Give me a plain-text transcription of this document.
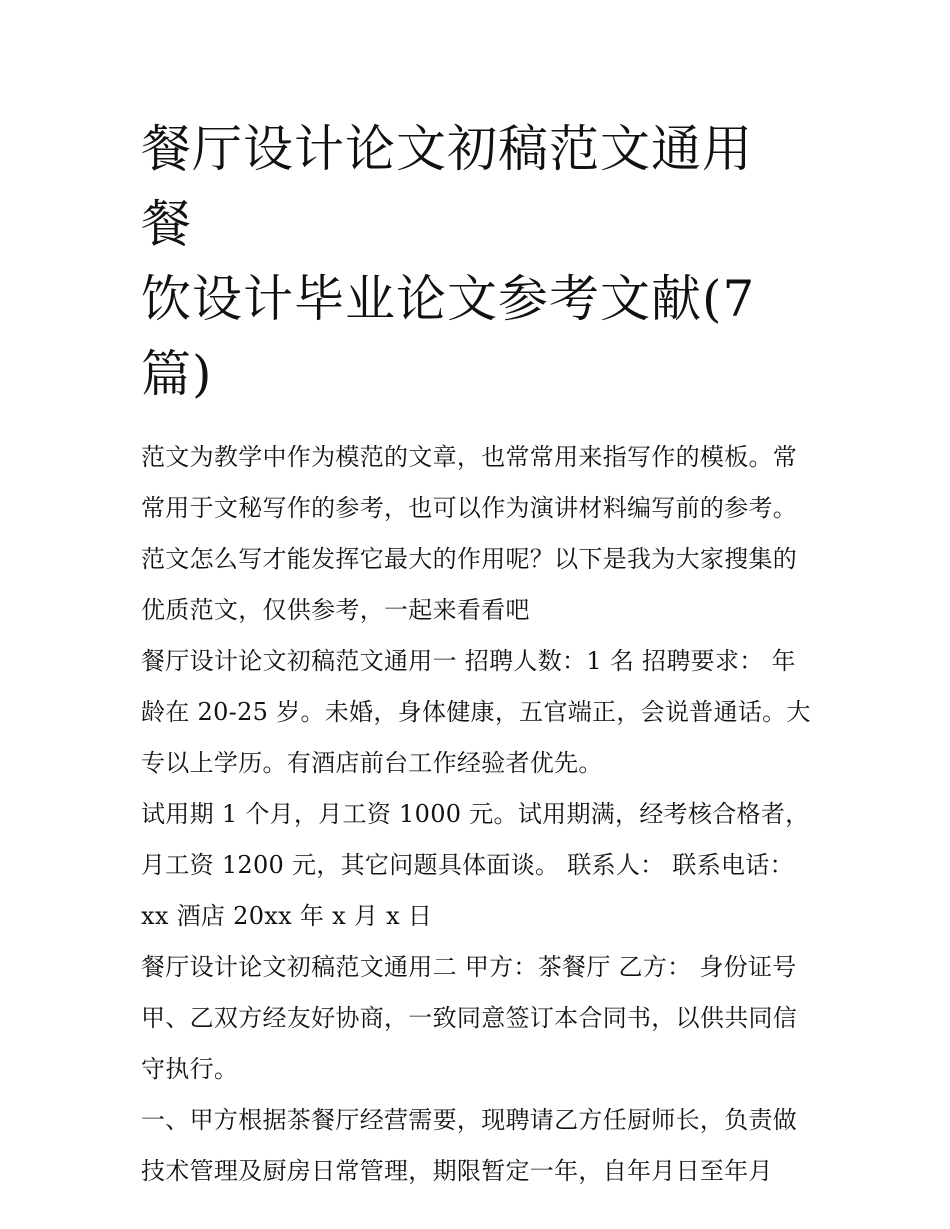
餐厅设计论文初稿范文通用 餐
饮设计毕业论文参考文献(7
篇)

范文为教学中作为模范的文章，也常常用来指写作的模板。常
常用于文秘写作的参考，也可以作为演讲材料编写前的参考。
范文怎么写才能发挥它最大的作用呢？以下是我为大家搜集的
优质范文，仅供参考，一起来看看吧

餐厅设计论文初稿范文通用一 招聘人数：1 名 招聘要求： 年
龄在 20-25 岁。未婚，身体健康，五官端正，会说普通话。大
专以上学历。有酒店前台工作经验者优先。

试用期 1 个月，月工资 1000 元。试用期满，经考核合格者，
月工资 1200 元，其它问题具体面谈。 联系人： 联系电话：
xx 酒店 20xx 年 x 月 x 日

餐厅设计论文初稿范文通用二 甲方：茶餐厅 乙方： 身份证号
甲、乙双方经友好协商，一致同意签订本合同书，以供共同信
守执行。

一、甲方根据茶餐厅经营需要，现聘请乙方任厨师长，负责做
技术管理及厨房日常管理，期限暂定一年，自年月日至年月
